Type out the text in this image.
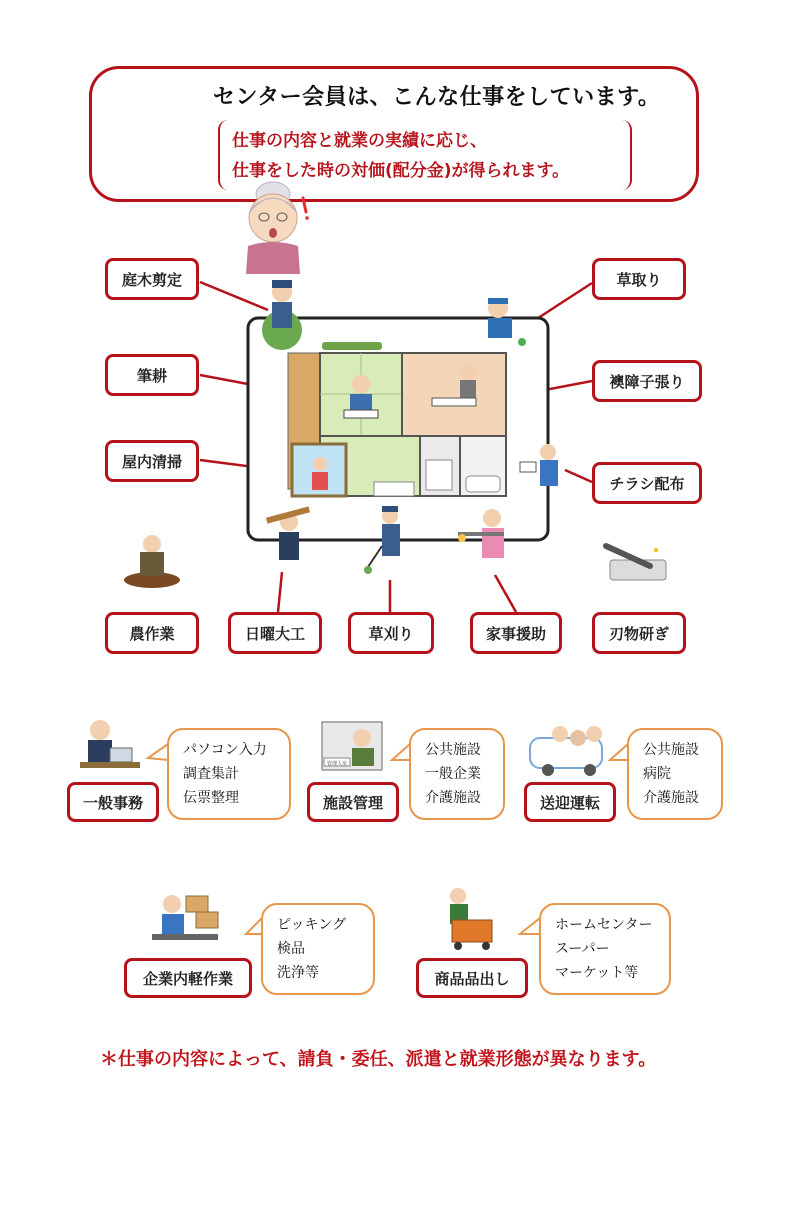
センター会員は、こんな仕事をしています。
仕事の内容と就業の実績に応じ、
仕事をした時の対価(配分金)が得られます。
庭木剪定	草取り
筆耕	襖障子張り
屋内清掃
チラシ配布
農作業	日曜大工	草刈り	家事援助	刃物研ぎ
管理人室
パソコン入力
調査集計
伝票整理
公共施設
一般企業
介護施設
公共施設
病院
介護施設
ピッキング
検品
洗浄等
ホームセンター
スーパー
マーケット等
一般事務	施設管理	送迎運転
企業内軽作業	商品品出し
＊仕事の内容によって、請負・委任、派遣と就業形態が異なります。
